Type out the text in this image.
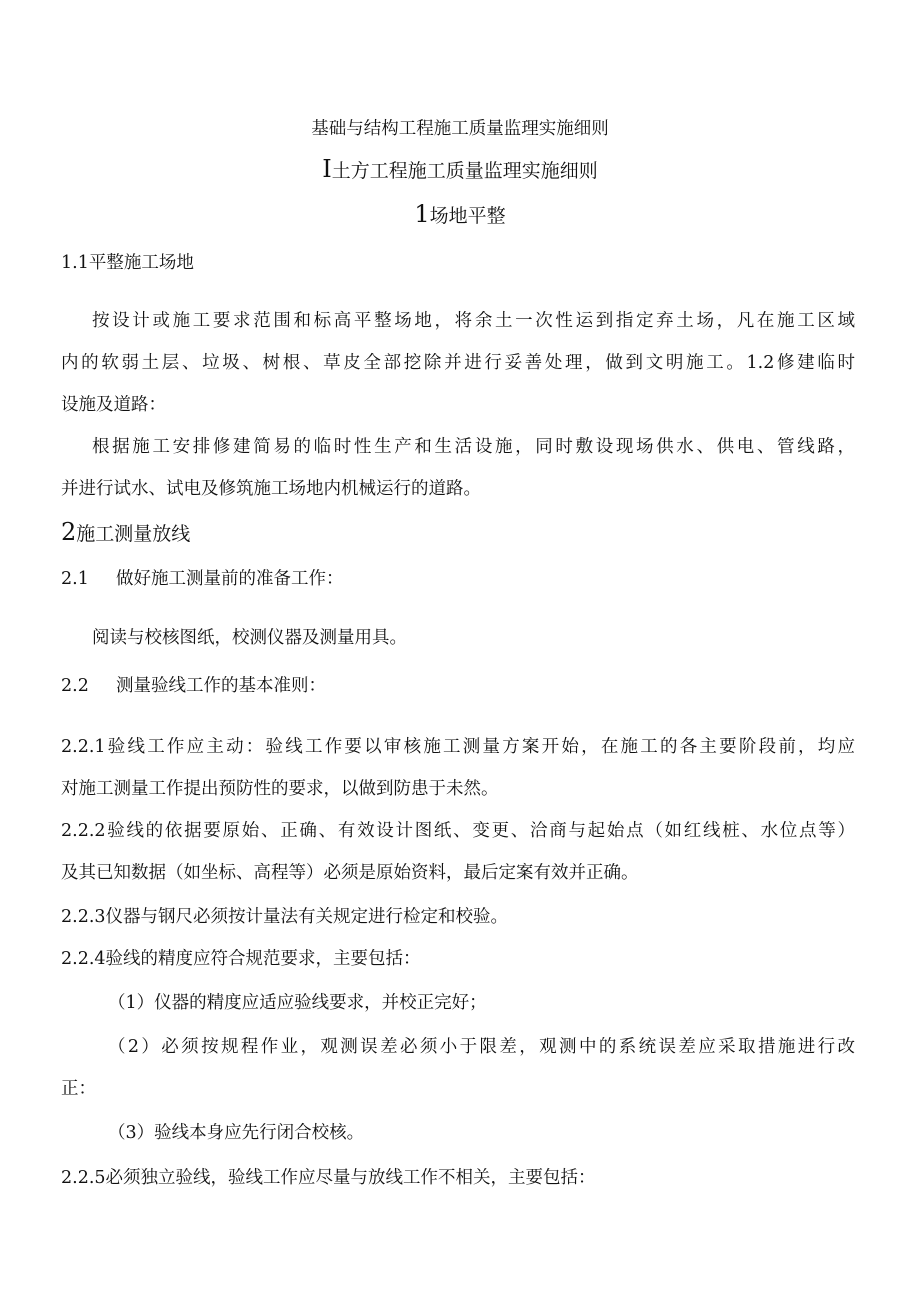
基础与结构工程施工质量监理实施细则
I土方工程施工质量监理实施细则
1场地平整
1.1平整施工场地
按设计或施工要求范围和标高平整场地，将余土一次性运到指定弃土场，凡在施工区域
内的软弱土层、垃圾、树根、草皮全部挖除并进行妥善处理，做到文明施工。1.2修建临时
设施及道路：
根据施工安排修建简易的临时性生产和生活设施，同时敷设现场供水、供电、管线路，
并进行试水、试电及修筑施工场地内机械运行的道路。
2施工测量放线
2.1 做好施工测量前的准备工作：
阅读与校核图纸，校测仪器及测量用具。
2.2 测量验线工作的基本准则：
2.2.1验线工作应主动：验线工作要以审核施工测量方案开始，在施工的各主要阶段前，均应
对施工测量工作提出预防性的要求，以做到防患于未然。
2.2.2验线的依据要原始、正确、有效设计图纸、变更、洽商与起始点（如红线桩、水位点等）
及其已知数据（如坐标、高程等）必须是原始资料，最后定案有效并正确。
2.2.3仪器与钢尺必须按计量法有关规定进行检定和校验。
2.2.4验线的精度应符合规范要求，主要包括：
（1）仪器的精度应适应验线要求，并校正完好；
（2）必须按规程作业，观测误差必须小于限差，观测中的系统误差应采取措施进行改
正：
（3）验线本身应先行闭合校核。
2.2.5必须独立验线，验线工作应尽量与放线工作不相关，主要包括：
